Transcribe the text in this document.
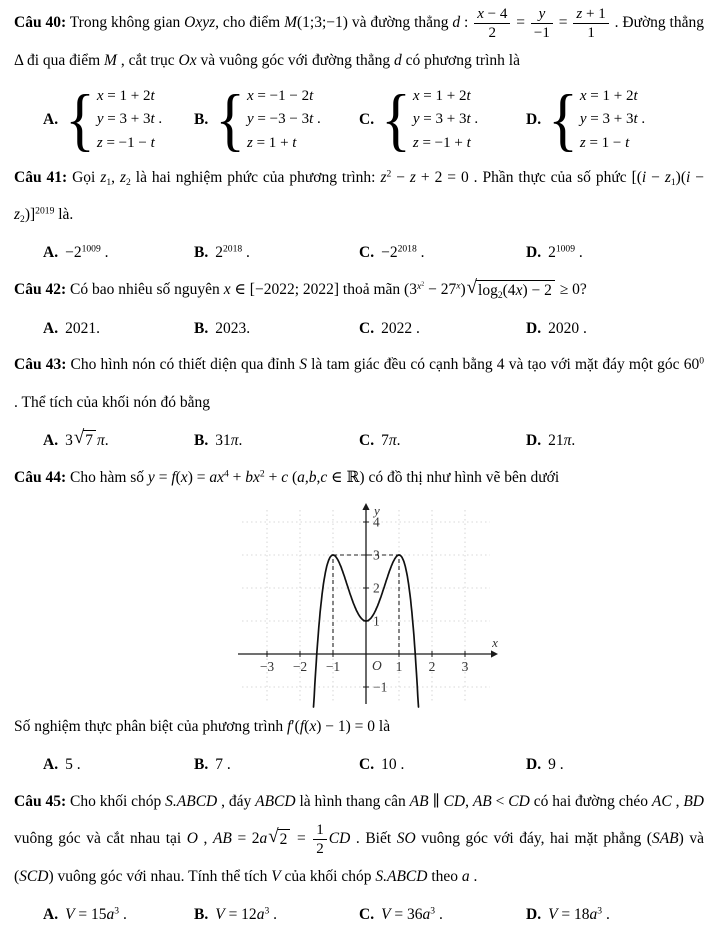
Câu 40: Trong không gian Oxyz, cho điểm M(1;3;−1) và đường thẳng d : $\frac{x - 4}{2} = \frac{y}{-1} = \frac{z + 1}{1}$ . Đường thẳng Δ đi qua điểm M , cắt trục Ox và vuông góc với đường thẳng d có phương trình là

A. { x = 1 + 2t
y = 3 + 3t .
z = −1 − t
B. { x = −1 − 2t
y = −3 − 3t .
z = 1 + t
C. { x = 1 + 2t
y = 3 + 3t .
z = −1 + t
D. { x = 1 + 2t
y = 3 + 3t .
z = 1 − t

Câu 41: Gọi $z_1$, $z_2$ là hai nghiệm phức của phương trình: $z^2 - z + 2 = 0$ . Phần thực của số phức $[(i - z_1)(i - z_2)]^{2019}$ là.

A. $-2^{1009}$ .	B. $2^{2018}$ .	C. $-2^{2018}$ .	D. $2^{1009}$ .

Câu 42: Có bao nhiêu số nguyên x ∈ [−2022; 2022] thoả mãn $(3^{x^2} - 27^x)$ √ $\log_2(4x) - 2 \ge 0$?

A. 2021.	B. 2023.	C. 2022 .	D. 2020 .

Câu 43: Cho hình nón có thiết diện qua đỉnh S là tam giác đều có cạnh bằng 4 và tạo với mặt đáy một góc $60^0$ . Thể tích của khối nón đó bằng

A. 3 √ 7 π.	B. 31π.	C. 7π.	D. 21π.

Câu 44: Cho hàm số $y = f(x) = ax^4 + bx^2 + c$ (a,b,c ∈ ℝ) có đồ thị như hình vẽ bên dưới

−3 −2 −1	1 2 3
−1
1
2
3
4
O
x
y

Số nghiệm thực phân biệt của phương trình f′(f(x) − 1) = 0 là

A. 5 .	B. 7 .	C. 10 .	D. 9 .

Câu 45: Cho khối chóp S.ABCD , đáy ABCD là hình thang cân AB ∥ CD, AB < CD có hai đường chéo AC , BD vuông góc và cắt nhau tại O , AB = 2a √ $2 = \frac{1}{2}$ CD . Biết SO vuông góc với đáy, hai mặt phẳng (SAB) và (SCD) vuông góc với nhau. Tính thể tích V của khối chóp S.ABCD theo a .

A. $V = 15a^3$ .	B. $V = 12a^3$ .	C. $V = 36a^3$ .	D. $V = 18a^3$ .
